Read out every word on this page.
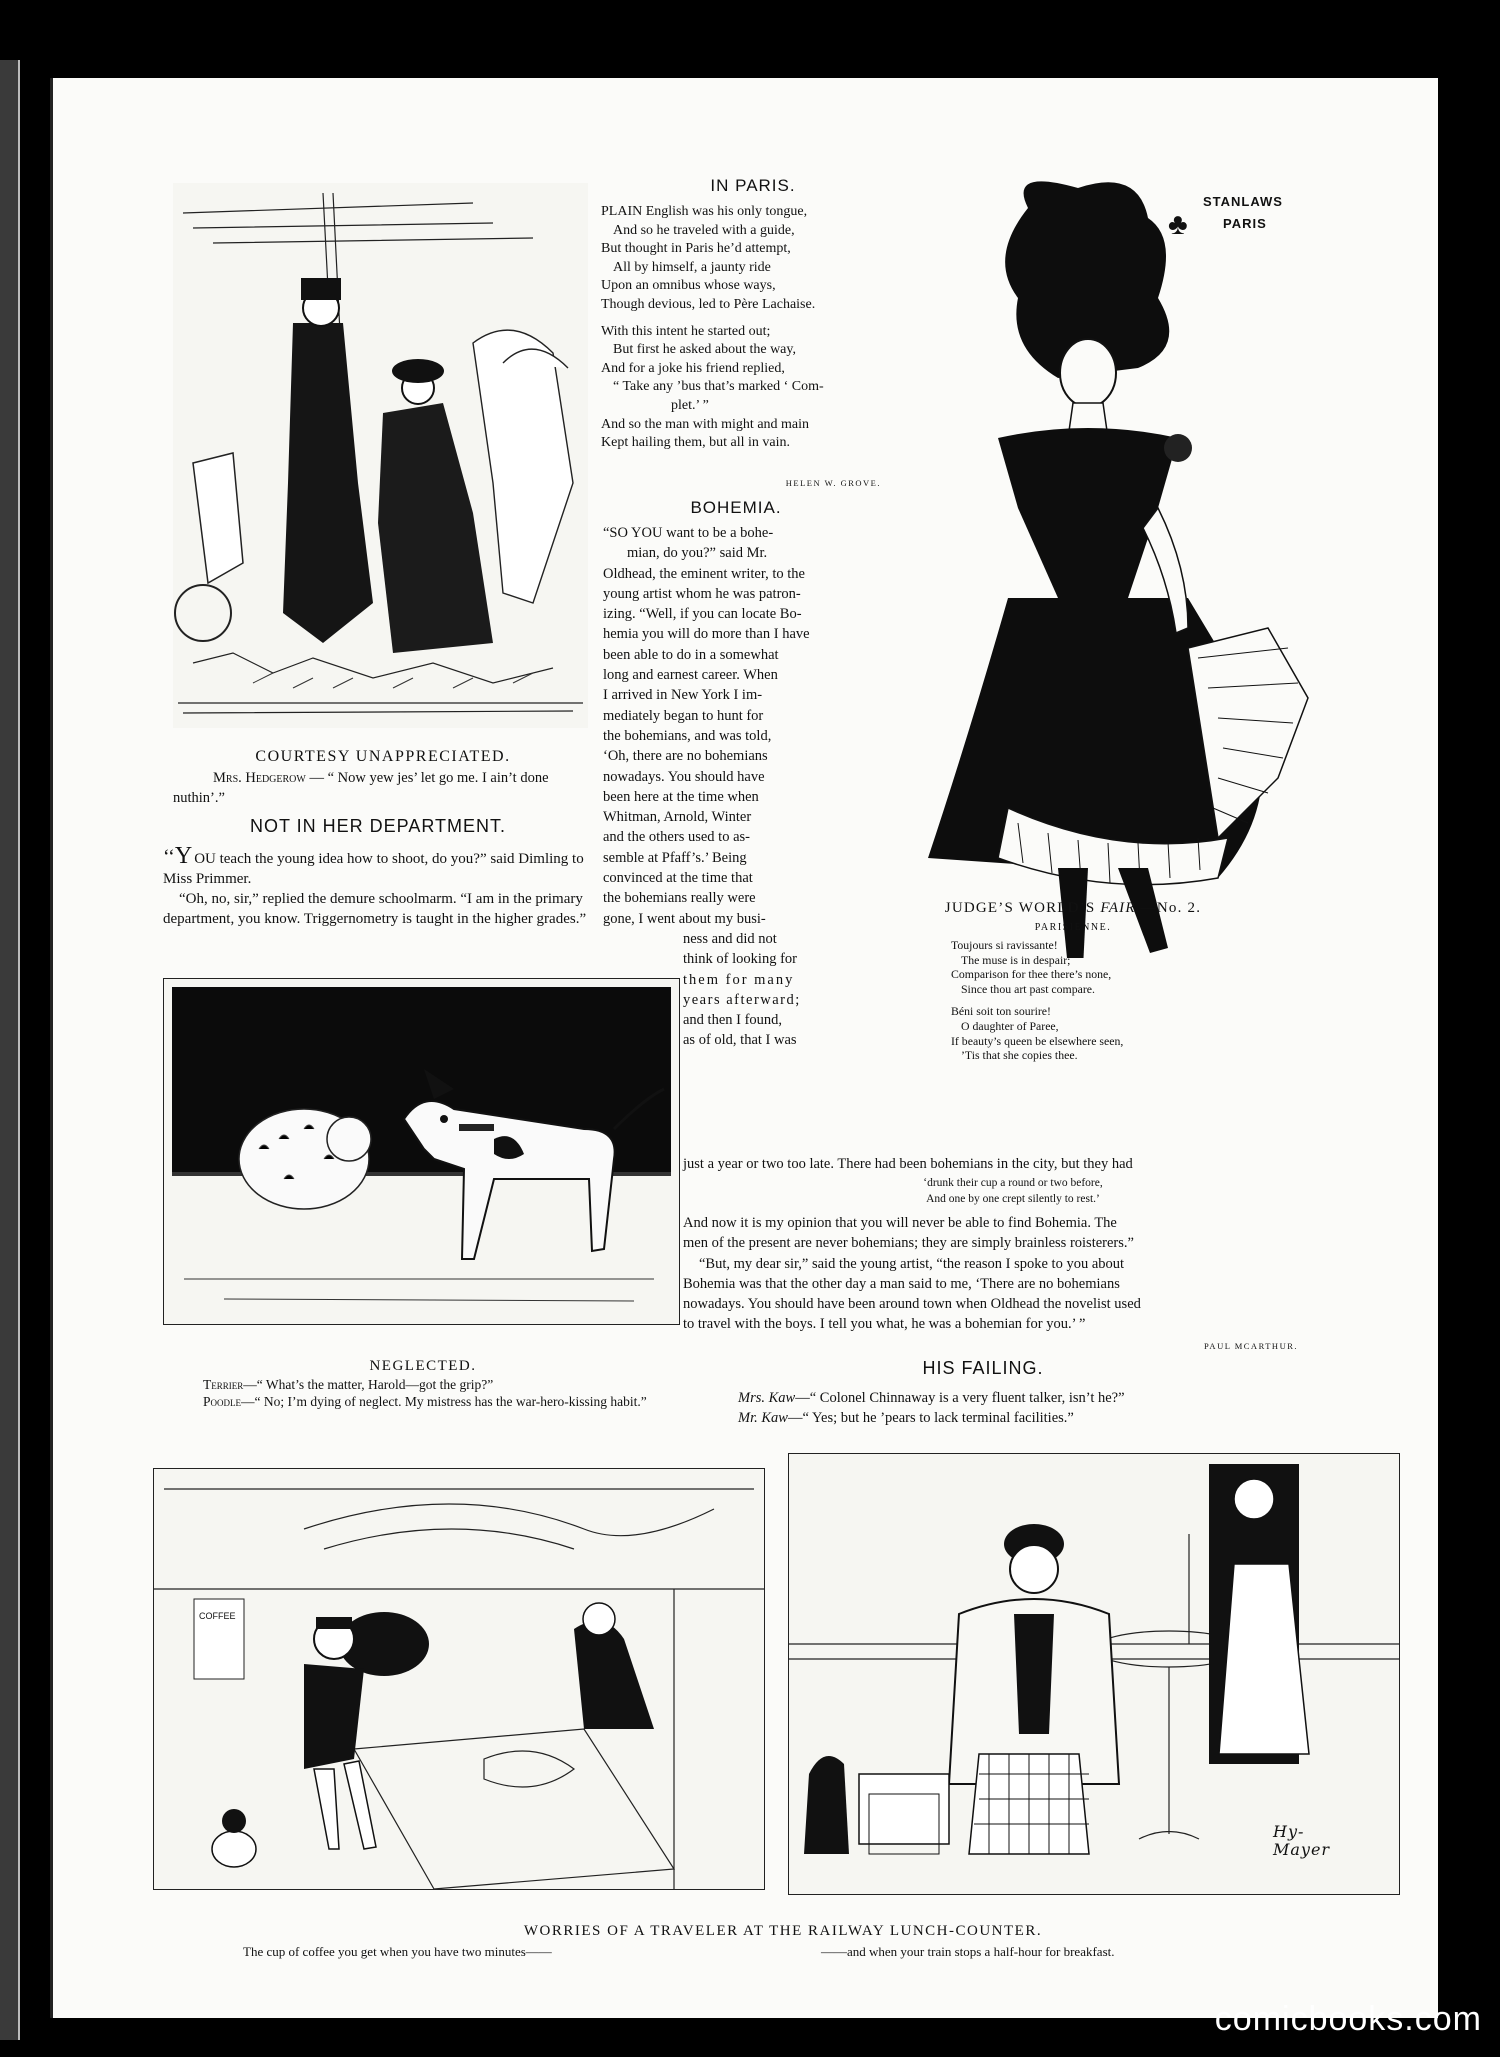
COURTESY UNAPPRECIATED.
Mrs. Hedgerow — “ Now yew jes’ let go me. I ain’t done nuthin’.”
NOT IN HER DEPARTMENT.

‘‘Y OU teach the young idea how to shoot, do you?” said Dimling to Miss Primmer.

“Oh, no, sir,” replied the demure schoolmarm. “I am in the primary department, you know. Triggernometry is taught in the higher grades.”

IN PARIS.

PLAIN English was his only tongue,

And so he traveled with a guide,

But thought in Paris he’d attempt,

All by himself, a jaunty ride

Upon an omnibus whose ways,

Though devious, led to Père Lachaise.

With this intent he started out;

But first he asked about the way,

And for a joke his friend replied,

“ Take any ’bus that’s marked ‘ Com-

plet.’ ”

And so the man with might and main

Kept hailing them, but all in vain.

HELEN W. GROVE.
BOHEMIA.

“SO YOU want to be a bohe-

mian, do you?” said Mr.

Oldhead, the eminent writer, to the

young artist whom he was patron-

izing. “Well, if you can locate Bo-

hemia you will do more than I have

been able to do in a somewhat

long and earnest career. When

I arrived in New York I im-

mediately began to hunt for

the bohemians, and was told,

‘Oh, there are no bohemians

nowadays. You should have

been here at the time when

Whitman, Arnold, Winter

and the others used to as-

semble at Pfaff’s.’ Being

convinced at the time that

the bohemians really were

gone, I went about my busi-

ness and did not

think of looking for

them for many

years afterward;

and then I found,

as of old, that I was

just a year or two too late. There had been bohemians in the city, but they had
‘drunk their cup a round or two before,
And one by one crept silently to rest.’

And now it is my opinion that you will never be able to find Bohemia. The

men of the present are never bohemians; they are simply brainless roisterers.”

“But, my dear sir,” said the young artist, “the reason I spoke to you about

Bohemia was that the other day a man said to me, ‘There are no bohemians

nowadays. You should have been around town when Oldhead the novelist used

to travel with the boys. I tell you what, he was a bohemian for you.’ ”

PAUL MCARTHUR.
STANLAWS
PARIS
♣
JUDGE’S WORLD’S FAIR.—No. 2.
PARISIENNE.

Toujours si ravissante!

The muse is in despair;

Comparison for thee there’s none,

Since thou art past compare.

Béni soit ton sourire!

O daughter of Paree,

If beauty’s queen be elsewhere seen,

’Tis that she copies thee.

NEGLECTED.
Terrier—“ What’s the matter, Harold—got the grip?”
Poodle—“ No; I’m dying of neglect. My mistress has the war-hero-kissing habit.”
HIS FAILING.
Mrs. Kaw—“ Colonel Chinnaway is a very fluent talker, isn’t he?”
Mr. Kaw—“ Yes; but he ’pears to lack terminal facilities.”
COFFEE
Hy- Mayer
WORRIES OF A TRAVELER AT THE RAILWAY LUNCH-COUNTER.
The cup of coffee you get when you have two minutes——	——and when your train stops a half-hour for breakfast.
comicbooks.com
